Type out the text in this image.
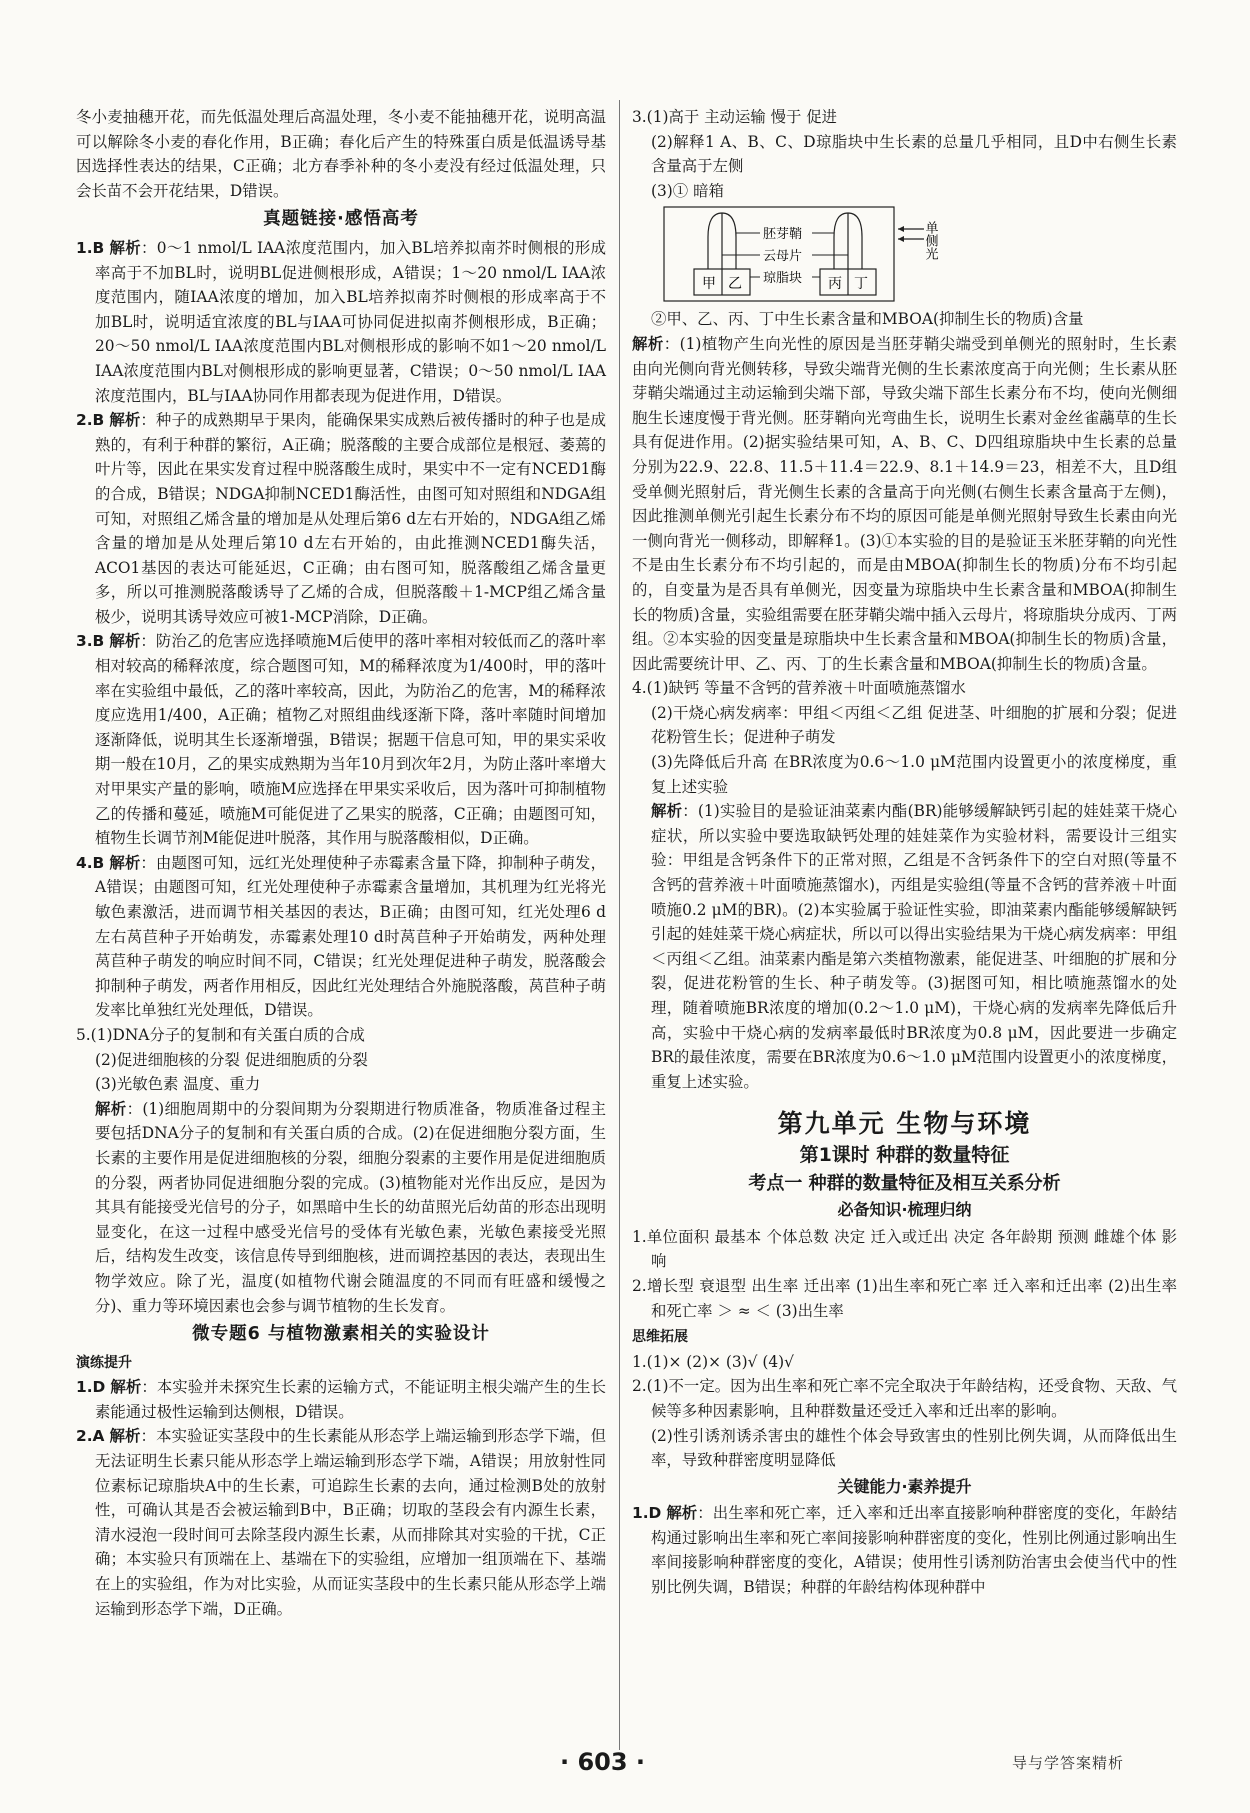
冬小麦抽穗开花，而先低温处理后高温处理，冬小麦不能抽穗开花，说明高温可以解除冬小麦的春化作用，B正确；春化后产生的特殊蛋白质是低温诱导基因选择性表达的结果，C正确；北方春季补种的冬小麦没有经过低温处理，只会长苗不会开花结果，D错误。

真题链接·感悟高考

1.B 解析：0～1 nmol/L IAA浓度范围内，加入BL培养拟南芥时侧根的形成率高于不加BL时，说明BL促进侧根形成，A错误；1～20 nmol/L IAA浓度范围内，随IAA浓度的增加，加入BL培养拟南芥时侧根的形成率高于不加BL时，说明适宜浓度的BL与IAA可协同促进拟南芥侧根形成，B正确；20～50 nmol/L IAA浓度范围内BL对侧根形成的影响不如1～20 nmol/L IAA浓度范围内BL对侧根形成的影响更显著，C错误；0～50 nmol/L IAA浓度范围内，BL与IAA协同作用都表现为促进作用，D错误。

2.B 解析：种子的成熟期早于果肉，能确保果实成熟后被传播时的种子也是成熟的，有利于种群的繁衍，A正确；脱落酸的主要合成部位是根冠、萎蔫的叶片等，因此在果实发育过程中脱落酸生成时，果实中不一定有NCED1酶的合成，B错误；NDGA抑制NCED1酶活性，由图可知对照组和NDGA组可知，对照组乙烯含量的增加是从处理后第6 d左右开始的，NDGA组乙烯含量的增加是从处理后第10 d左右开始的，由此推测NCED1酶失活，ACO1基因的表达可能延迟，C正确；由右图可知，脱落酸组乙烯含量更多，所以可推测脱落酸诱导了乙烯的合成，但脱落酸＋1-MCP组乙烯含量极少，说明其诱导效应可被1-MCP消除，D正确。

3.B 解析：防治乙的危害应选择喷施M后使甲的落叶率相对较低而乙的落叶率相对较高的稀释浓度，综合题图可知，M的稀释浓度为1/400时，甲的落叶率在实验组中最低，乙的落叶率较高，因此，为防治乙的危害，M的稀释浓度应选用1/400，A正确；植物乙对照组曲线逐渐下降，落叶率随时间增加逐渐降低，说明其生长逐渐增强，B错误；据题干信息可知，甲的果实采收期一般在10月，乙的果实成熟期为当年10月到次年2月，为防止落叶率增大对甲果实产量的影响，喷施M应选择在甲果实采收后，因为落叶可抑制植物乙的传播和蔓延，喷施M可能促进了乙果实的脱落，C正确；由题图可知，植物生长调节剂M能促进叶脱落，其作用与脱落酸相似，D正确。

4.B 解析：由题图可知，远红光处理使种子赤霉素含量下降，抑制种子萌发，A错误；由题图可知，红光处理使种子赤霉素含量增加，其机理为红光将光敏色素激活，进而调节相关基因的表达，B正确；由图可知，红光处理6 d左右莴苣种子开始萌发，赤霉素处理10 d时莴苣种子开始萌发，两种处理莴苣种子萌发的响应时间不同，C错误；红光处理促进种子萌发，脱落酸会抑制种子萌发，两者作用相反，因此红光处理结合外施脱落酸，莴苣种子萌发率比单独红光处理低，D错误。

5.(1)DNA分子的复制和有关蛋白质的合成

(2)促进细胞核的分裂 促进细胞质的分裂

(3)光敏色素 温度、重力

解析：(1)细胞周期中的分裂间期为分裂期进行物质准备，物质准备过程主要包括DNA分子的复制和有关蛋白质的合成。(2)在促进细胞分裂方面，生长素的主要作用是促进细胞核的分裂，细胞分裂素的主要作用是促进细胞质的分裂，两者协同促进细胞分裂的完成。(3)植物能对光作出反应，是因为其具有能接受光信号的分子，如黑暗中生长的幼苗照光后幼苗的形态出现明显变化，在这一过程中感受光信号的受体有光敏色素，光敏色素接受光照后，结构发生改变，该信息传导到细胞核，进而调控基因的表达，表现出生物学效应。除了光，温度(如植物代谢会随温度的不同而有旺盛和缓慢之分)、重力等环境因素也会参与调节植物的生长发育。

微专题6 与植物激素相关的实验设计
演练提升

1.D 解析：本实验并未探究生长素的运输方式，不能证明主根尖端产生的生长素能通过极性运输到达侧根，D错误。

2.A 解析：本实验证实茎段中的生长素能从形态学上端运输到形态学下端，但无法证明生长素只能从形态学上端运输到形态学下端，A错误；用放射性同位素标记琼脂块A中的生长素，可追踪生长素的去向，通过检测B处的放射性，可确认其是否会被运输到B中，B正确；切取的茎段会有内源生长素，清水浸泡一段时间可去除茎段内源生长素，从而排除其对实验的干扰，C正确；本实验只有顶端在上、基端在下的实验组，应增加一组顶端在下、基端在上的实验组，作为对比实验，从而证实茎段中的生长素只能从形态学上端运输到形态学下端，D正确。

3.(1)高于 主动运输 慢于 促进

(2)解释1 A、B、C、D琼脂块中生长素的总量几乎相同，且D中右侧生长素含量高于左侧

(3)① 暗箱

甲 乙	丙 丁
胚芽鞘
云母片
琼脂块
单侧光

②甲、乙、丙、丁中生长素含量和MBOA(抑制生长的物质)含量

解析：(1)植物产生向光性的原因是当胚芽鞘尖端受到单侧光的照射时，生长素由向光侧向背光侧转移，导致尖端背光侧的生长素浓度高于向光侧；生长素从胚芽鞘尖端通过主动运输到尖端下部，导致尖端下部生长素分布不均，使向光侧细胞生长速度慢于背光侧。胚芽鞘向光弯曲生长，说明生长素对金丝雀虉草的生长具有促进作用。(2)据实验结果可知，A、B、C、D四组琼脂块中生长素的总量分别为22.9、22.8、11.5＋11.4＝22.9、8.1＋14.9＝23，相差不大，且D组受单侧光照射后，背光侧生长素的含量高于向光侧(右侧生长素含量高于左侧)，因此推测单侧光引起生长素分布不均的原因可能是单侧光照射导致生长素由向光一侧向背光一侧移动，即解释1。(3)①本实验的目的是验证玉米胚芽鞘的向光性不是由生长素分布不均引起的，而是由MBOA(抑制生长的物质)分布不均引起的，自变量为是否具有单侧光，因变量为琼脂块中生长素含量和MBOA(抑制生长的物质)含量，实验组需要在胚芽鞘尖端中插入云母片，将琼脂块分成丙、丁两组。②本实验的因变量是琼脂块中生长素含量和MBOA(抑制生长的物质)含量，因此需要统计甲、乙、丙、丁的生长素含量和MBOA(抑制生长的物质)含量。

4.(1)缺钙 等量不含钙的营养液＋叶面喷施蒸馏水

(2)干烧心病发病率：甲组＜丙组＜乙组 促进茎、叶细胞的扩展和分裂；促进花粉管生长；促进种子萌发

(3)先降低后升高 在BR浓度为0.6～1.0 μM范围内设置更小的浓度梯度，重复上述实验

解析：(1)实验目的是验证油菜素内酯(BR)能够缓解缺钙引起的娃娃菜干烧心症状，所以实验中要选取缺钙处理的娃娃菜作为实验材料，需要设计三组实验：甲组是含钙条件下的正常对照，乙组是不含钙条件下的空白对照(等量不含钙的营养液＋叶面喷施蒸馏水)，丙组是实验组(等量不含钙的营养液＋叶面喷施0.2 μM的BR)。(2)本实验属于验证性实验，即油菜素内酯能够缓解缺钙引起的娃娃菜干烧心病症状，所以可以得出实验结果为干烧心病发病率：甲组＜丙组＜乙组。油菜素内酯是第六类植物激素，能促进茎、叶细胞的扩展和分裂，促进花粉管的生长、种子萌发等。(3)据图可知，相比喷施蒸馏水的处理，随着喷施BR浓度的增加(0.2～1.0 μM)，干烧心病的发病率先降低后升高，实验中干烧心病的发病率最低时BR浓度为0.8 μM，因此要进一步确定BR的最佳浓度，需要在BR浓度为0.6～1.0 μM范围内设置更小的浓度梯度，重复上述实验。

第九单元 生物与环境
第1课时 种群的数量特征
考点一 种群的数量特征及相互关系分析
必备知识·梳理归纳

1.单位面积 最基本 个体总数 决定 迁入或迁出 决定 各年龄期 预测 雌雄个体 影响

2.增长型 衰退型 出生率 迁出率 (1)出生率和死亡率 迁入率和迁出率 (2)出生率和死亡率 ＞ ≈ ＜ (3)出生率

思维拓展

1.(1)× (2)× (3)√ (4)√

2.(1)不一定。因为出生率和死亡率不完全取决于年龄结构，还受食物、天敌、气候等多种因素影响，且种群数量还受迁入率和迁出率的影响。

(2)性引诱剂诱杀害虫的雄性个体会导致害虫的性别比例失调，从而降低出生率，导致种群密度明显降低

关键能力·素养提升

1.D 解析：出生率和死亡率，迁入率和迁出率直接影响种群密度的变化，年龄结构通过影响出生率和死亡率间接影响种群密度的变化，性别比例通过影响出生率间接影响种群密度的变化，A错误；使用性引诱剂防治害虫会使当代中的性别比例失调，B错误；种群的年龄结构体现种群中

· 603 ·	导与学答案精析
